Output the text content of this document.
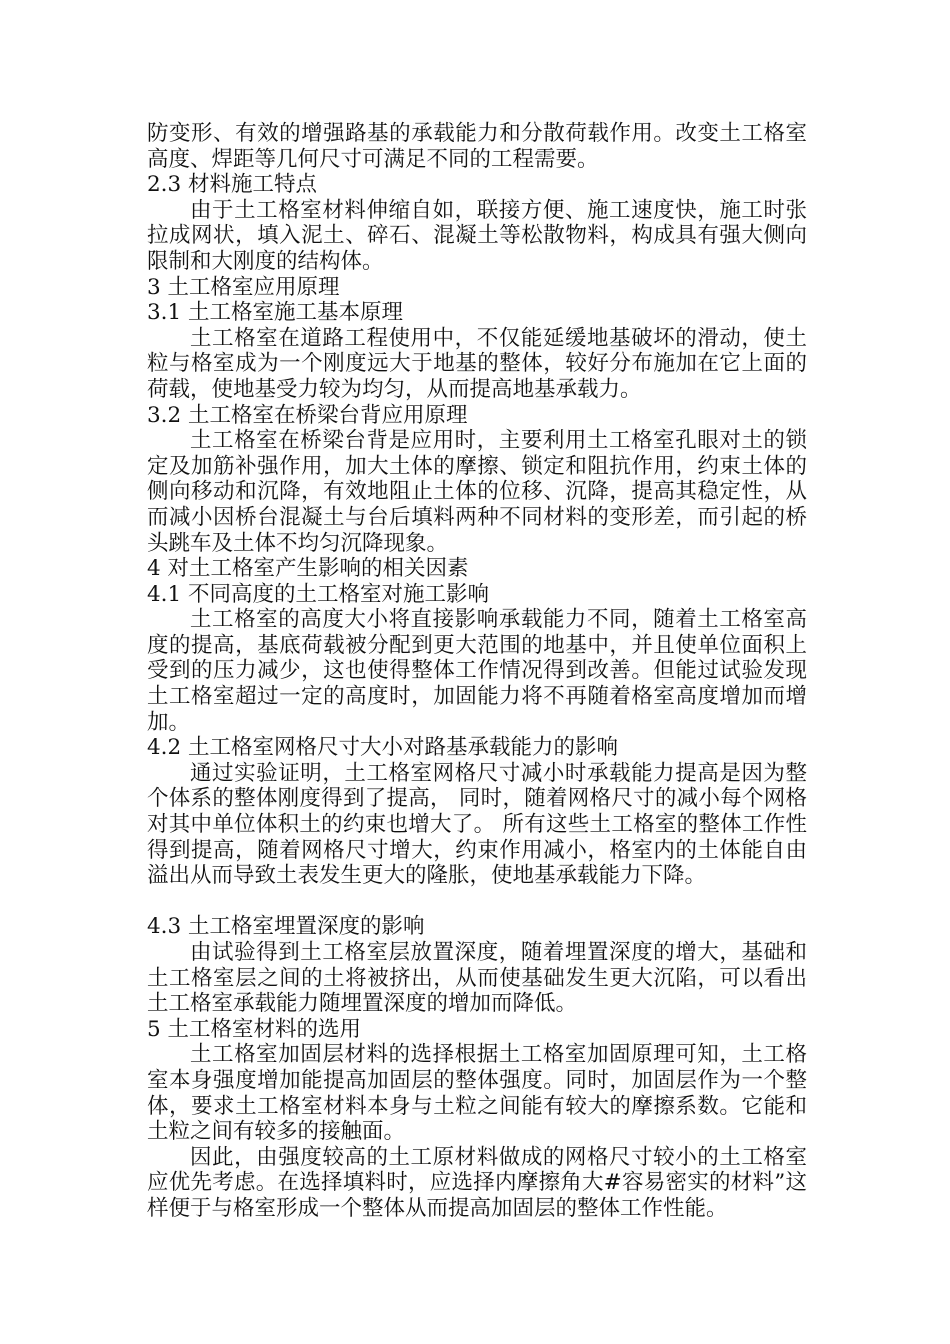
防变形、有效的增强路基的承载能力和分散荷载作用。改变土工格室高度、焊距等几何尺寸可满足不同的工程需要。

2.3 材料施工特点

由于土工格室材料伸缩自如，联接方便、施工速度快，施工时张拉成网状，填入泥土、碎石、混凝土等松散物料，构成具有强大侧向限制和大刚度的结构体。

3 土工格室应用原理

3.1 土工格室施工基本原理

土工格室在道路工程使用中，不仅能延缓地基破坏的滑动，使土粒与格室成为一个刚度远大于地基的整体，较好分布施加在它上面的荷载，使地基受力较为均匀，从而提高地基承载力。

3.2 土工格室在桥梁台背应用原理

土工格室在桥梁台背是应用时，主要利用土工格室孔眼对土的锁定及加筋补强作用，加大土体的摩擦、锁定和阻抗作用，约束土体的侧向移动和沉降，有效地阻止土体的位移、沉降，提高其稳定性，从而减小因桥台混凝土与台后填料两种不同材料的变形差，而引起的桥头跳车及土体不均匀沉降现象。

4 对土工格室产生影响的相关因素

4.1 不同高度的土工格室对施工影响

土工格室的高度大小将直接影响承载能力不同，随着土工格室高度的提高，基底荷载被分配到更大范围的地基中，并且使单位面积上受到的压力减少，这也使得整体工作情况得到改善。但能过试验发现土工格室超过一定的高度时，加固能力将不再随着格室高度增加而增加。

4.2 土工格室网格尺寸大小对路基承载能力的影响

通过实验证明，土工格室网格尺寸减小时承载能力提高是因为整个体系的整体刚度得到了提高， 同时，随着网格尺寸的减小每个网格对其中单位体积土的约束也增大了。 所有这些土工格室的整体工作性得到提高，随着网格尺寸增大，约束作用减小，格室内的土体能自由溢出从而导致土表发生更大的隆胀，使地基承载能力下降。

4.3 土工格室埋置深度的影响

由试验得到土工格室层放置深度，随着埋置深度的增大，基础和土工格室层之间的土将被挤出，从而使基础发生更大沉陷，可以看出土工格室承载能力随埋置深度的增加而降低。

5 土工格室材料的选用

土工格室加固层材料的选择根据土工格室加固原理可知，土工格室本身强度增加能提高加固层的整体强度。同时，加固层作为一个整体，要求土工格室材料本身与土粒之间能有较大的摩擦系数。它能和土粒之间有较多的接触面。

因此，由强度较高的土工原材料做成的网格尺寸较小的土工格室应优先考虑。在选择填料时，应选择内摩擦角大#容易密实的材料”这样便于与格室形成一个整体从而提高加固层的整体工作性能。
